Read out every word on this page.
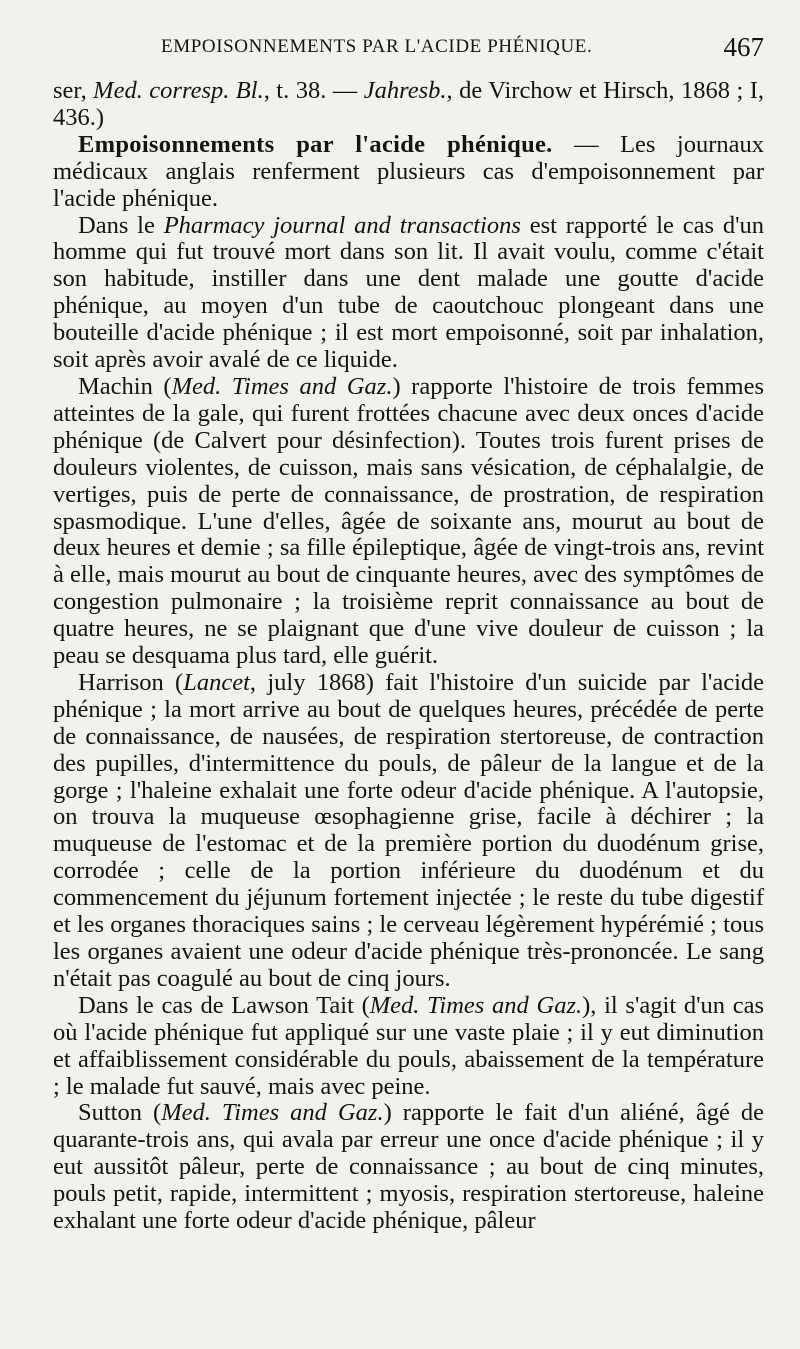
EMPOISONNEMENTS PAR L'ACIDE PHÉNIQUE.	467

ser, Med. corresp. Bl., t. 38. — Jahresb., de Virchow et Hirsch, 1868 ; I, 436.)

Empoisonnements par l'acide phénique. — Les journaux médicaux anglais renferment plusieurs cas d'empoisonnement par l'acide phénique.

Dans le Pharmacy journal and transactions est rapporté le cas d'un homme qui fut trouvé mort dans son lit. Il avait voulu, comme c'était son habitude, instiller dans une dent malade une goutte d'acide phénique, au moyen d'un tube de caoutchouc plongeant dans une bouteille d'acide phénique ; il est mort empoisonné, soit par inhalation, soit après avoir avalé de ce liquide.

Machin (Med. Times and Gaz.) rapporte l'histoire de trois femmes atteintes de la gale, qui furent frottées chacune avec deux onces d'acide phénique (de Calvert pour désinfection). Toutes trois furent prises de douleurs violentes, de cuisson, mais sans vésication, de céphalalgie, de vertiges, puis de perte de connaissance, de prostration, de respiration spasmodique. L'une d'elles, âgée de soixante ans, mourut au bout de deux heures et demie ; sa fille épileptique, âgée de vingt-trois ans, revint à elle, mais mourut au bout de cinquante heures, avec des symptômes de congestion pulmonaire ; la troisième reprit connaissance au bout de quatre heures, ne se plaignant que d'une vive douleur de cuisson ; la peau se desquama plus tard, elle guérit.

Harrison (Lancet, july 1868) fait l'histoire d'un suicide par l'acide phénique ; la mort arrive au bout de quelques heures, précédée de perte de connaissance, de nausées, de respiration stertoreuse, de contraction des pupilles, d'intermittence du pouls, de pâleur de la langue et de la gorge ; l'haleine exhalait une forte odeur d'acide phénique. A l'autopsie, on trouva la muqueuse œsophagienne grise, facile à déchirer ; la muqueuse de l'estomac et de la première portion du duodénum grise, corrodée ; celle de la portion inférieure du duodénum et du commencement du jéjunum fortement injectée ; le reste du tube digestif et les organes thoraciques sains ; le cerveau légèrement hypérémié ; tous les organes avaient une odeur d'acide phénique très-prononcée. Le sang n'était pas coagulé au bout de cinq jours.

Dans le cas de Lawson Tait (Med. Times and Gaz.), il s'agit d'un cas où l'acide phénique fut appliqué sur une vaste plaie ; il y eut diminution et affaiblissement considérable du pouls, abaissement de la température ; le malade fut sauvé, mais avec peine.

Sutton (Med. Times and Gaz.) rapporte le fait d'un aliéné, âgé de quarante-trois ans, qui avala par erreur une once d'acide phénique ; il y eut aussitôt pâleur, perte de connaissance ; au bout de cinq minutes, pouls petit, rapide, intermittent ; myosis, respiration stertoreuse, haleine exhalant une forte odeur d'acide phénique, pâleur
